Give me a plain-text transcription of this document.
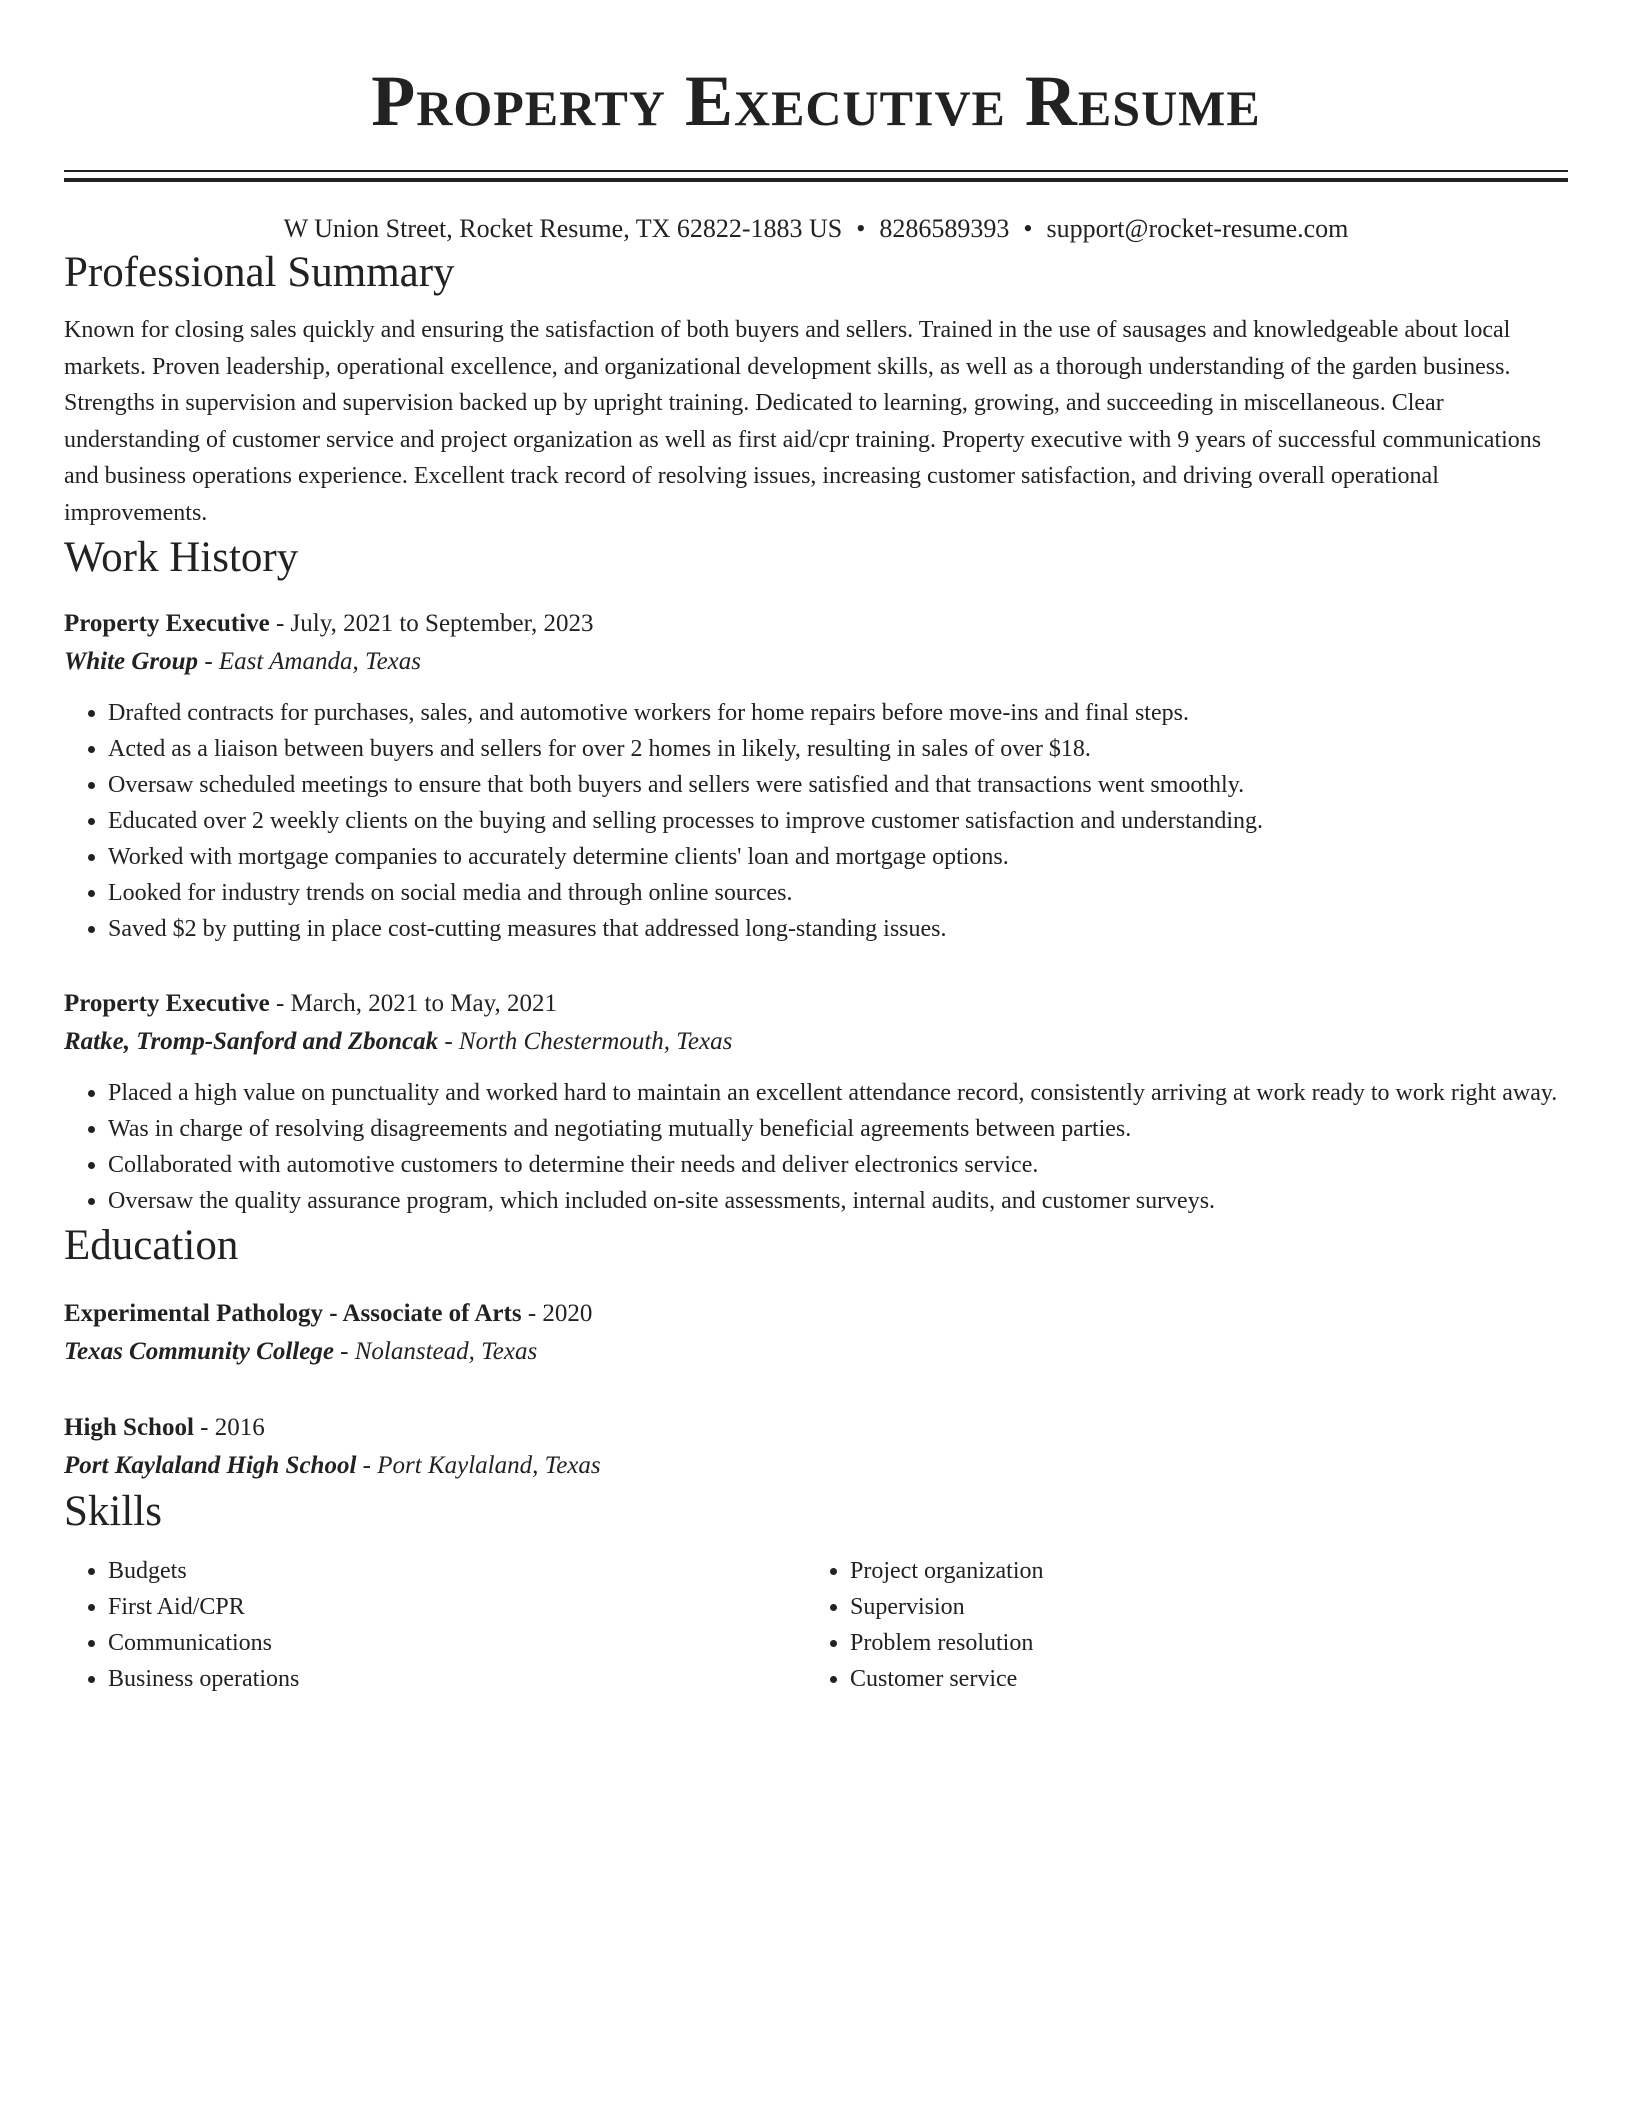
Property Executive Resume
W Union Street, Rocket Resume, TX 62822-1883 US • 8286589393 • support@rocket-resume.com
Professional Summary

Known for closing sales quickly and ensuring the satisfaction of both buyers and sellers. Trained in the use of sausages and knowledgeable about local markets. Proven leadership, operational excellence, and organizational development skills, as well as a thorough understanding of the garden business. Strengths in supervision and supervision backed up by upright training. Dedicated to learning, growing, and succeeding in miscellaneous. Clear understanding of customer service and project organization as well as first aid/cpr training. Property executive with 9 years of successful communications and business operations experience. Excellent track record of resolving issues, increasing customer satisfaction, and driving overall operational improvements.

Work History
Property Executive - July, 2021 to September, 2023
White Group - East Amanda, Texas
• Drafted contracts for purchases, sales, and automotive workers for home repairs before move-ins and final steps.
• Acted as a liaison between buyers and sellers for over 2 homes in likely, resulting in sales of over $18.
• Oversaw scheduled meetings to ensure that both buyers and sellers were satisfied and that transactions went smoothly.
• Educated over 2 weekly clients on the buying and selling processes to improve customer satisfaction and understanding.
• Worked with mortgage companies to accurately determine clients' loan and mortgage options.
• Looked for industry trends on social media and through online sources.
• Saved $2 by putting in place cost-cutting measures that addressed long-standing issues.
Property Executive - March, 2021 to May, 2021
Ratke, Tromp-Sanford and Zboncak - North Chestermouth, Texas
• Placed a high value on punctuality and worked hard to maintain an excellent attendance record, consistently arriving at work ready to work right away.
• Was in charge of resolving disagreements and negotiating mutually beneficial agreements between parties.
• Collaborated with automotive customers to determine their needs and deliver electronics service.
• Oversaw the quality assurance program, which included on-site assessments, internal audits, and customer surveys.
Education
Experimental Pathology - Associate of Arts - 2020
Texas Community College - Nolanstead, Texas
High School - 2016
Port Kaylaland High School - Port Kaylaland, Texas
Skills
• Budgets
• First Aid/CPR
• Communications
• Business operations
• Project organization
• Supervision
• Problem resolution
• Customer service
